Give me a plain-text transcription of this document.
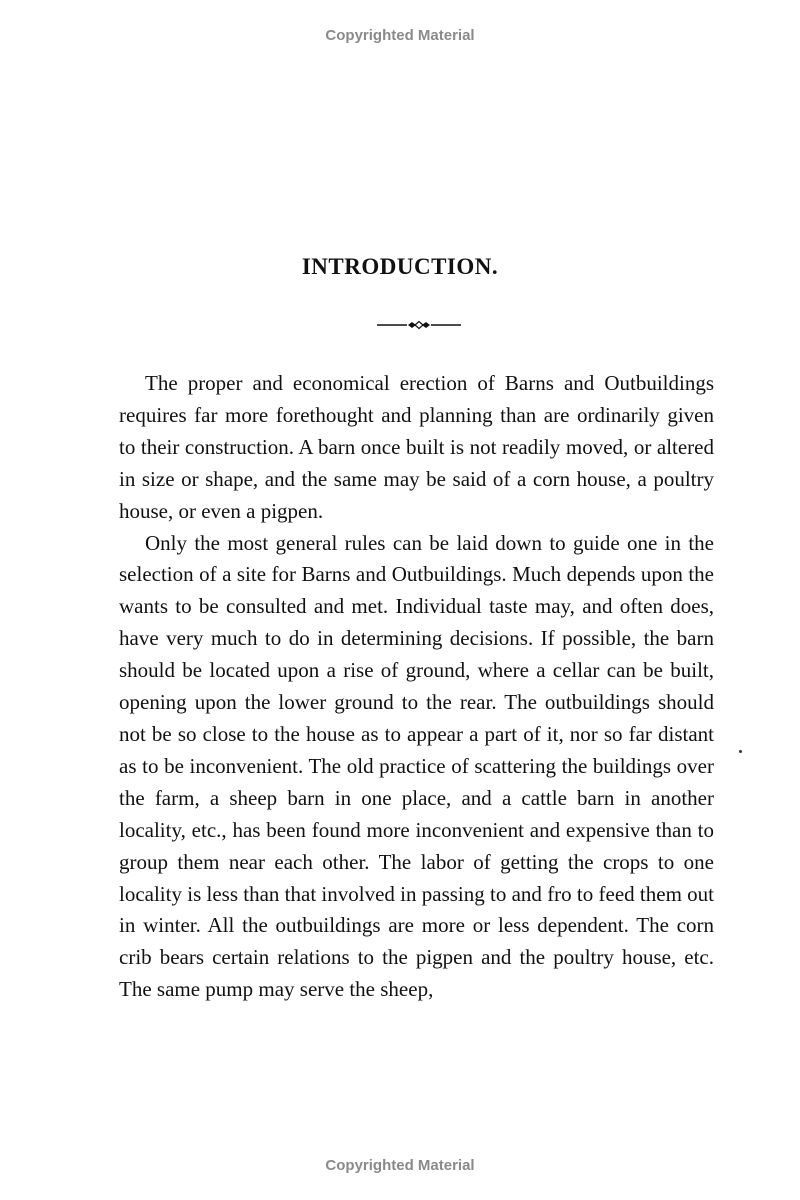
Copyrighted Material
INTRODUCTION.

The proper and economical erection of Barns and Outbuildings requires far more forethought and planning than are ordinarily given to their construction. A barn once built is not readily moved, or altered in size or shape, and the same may be said of a corn house, a poultry house, or even a pigpen.

Only the most general rules can be laid down to guide one in the selection of a site for Barns and Outbuildings. Much depends upon the wants to be consulted and met. Individual taste may, and often does, have very much to do in determining decisions. If possible, the barn should be located upon a rise of ground, where a cellar can be built, opening upon the lower ground to the rear. The outbuildings should not be so close to the house as to appear a part of it, nor so far distant as to be inconvenient. The old practice of scattering the buildings over the farm, a sheep barn in one place, and a cattle barn in another locality, etc., has been found more inconvenient and expensive than to group them near each other. The labor of getting the crops to one locality is less than that involved in passing to and fro to feed them out in winter. All the outbuildings are more or less dependent. The corn crib bears certain relations to the pigpen and the poultry house, etc. The same pump may serve the sheep,

Copyrighted Material
